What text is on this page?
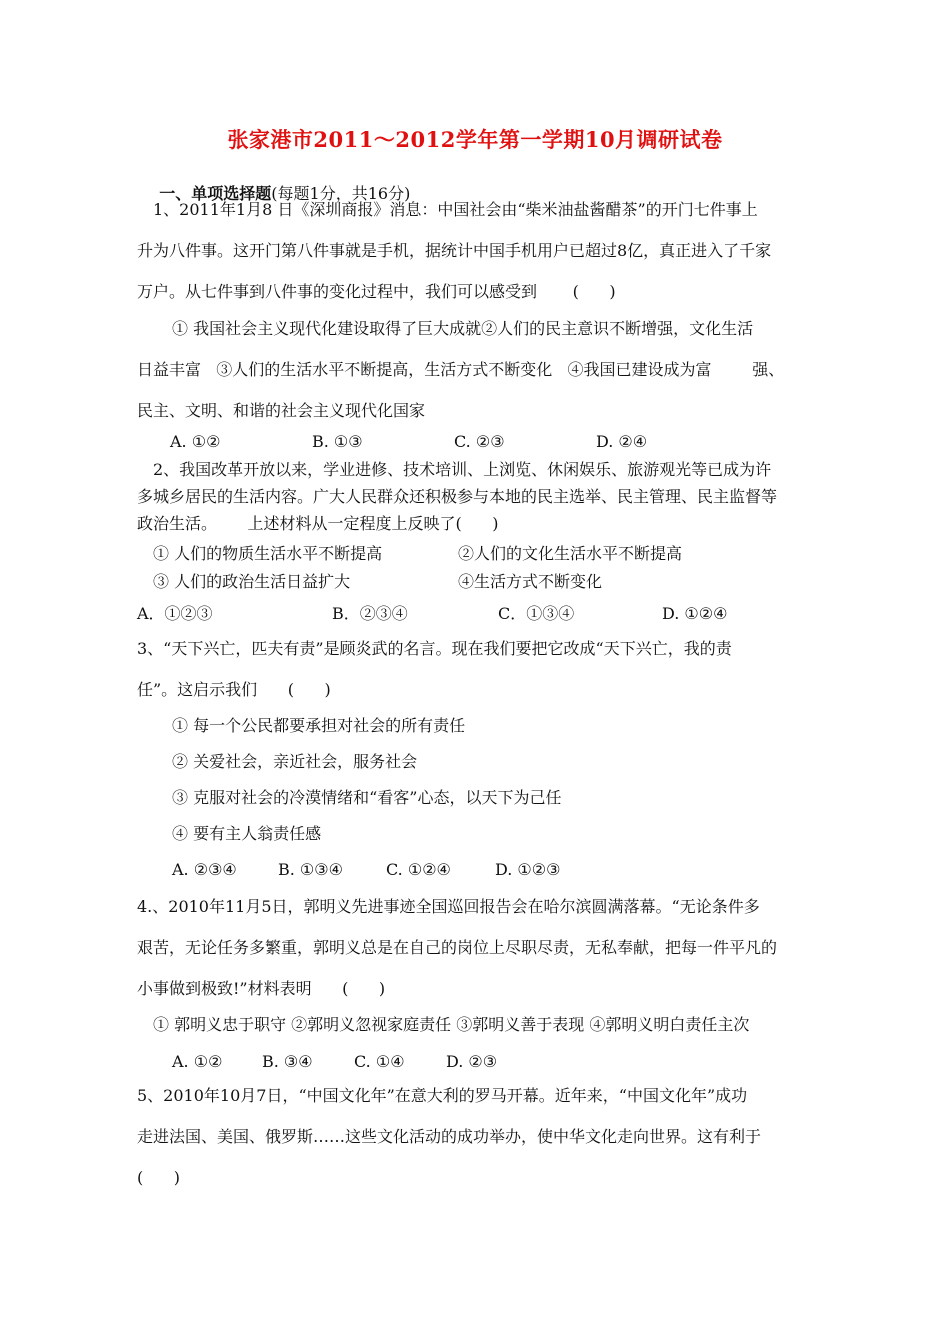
张家港市2011～2012学年第一学期10月调研试卷

一、单项选择题(每题1分，共16分)

1、2011年1月8 日《深圳商报》消息：中国社会由“柴米油盐酱醋茶”的开门七件事上
升为八件事。这开门第八件事就是手机，据统计中国手机用户已超过8亿，真正进入了千家
万户。从七件事到八件事的变化过程中，我们可以感受到       (      )
① 我国社会主义现代化建设取得了巨大成就②人们的民主意识不断增强，文化生活
日益丰富   ③人们的生活水平不断提高，生活方式不断变化   ④我国已建设成为富        强、
民主、文明、和谐的社会主义现代化国家

A. ①②

	B. ①③

	C. ②③

	D. ②④

2、我国改革开放以来，学业进修、技术培训、上浏览、休闲娱乐、旅游观光等已成为许
多城乡居民的生活内容。广大人民群众还积极参与本地的民主选举、民主管理、民主监督等
政治生活。      上述材料从一定程度上反映了(      )

① 人们的物质生活水平不断提高

	②人们的文化生活水平不断提高

③ 人们的政治生活日益扩大

	④生活方式不断变化

A．①②③

	B．②③④

	C．①③④

	D. ①②④

3、“天下兴亡，匹夫有责”是顾炎武的名言。现在我们要把它改成“天下兴亡，我的责
任”。这启示我们      (      )
① 每一个公民都要承担对社会的所有责任
② 关爱社会，亲近社会，服务社会
③ 克服对社会的冷漠情绪和“看客”心态，以天下为己任
④ 要有主人翁责任感

A. ②③④

	B. ①③④

	C. ①②④

	D. ①②③

4.、2010年11月5日，郭明义先进事迹全国巡回报告会在哈尔滨圆满落幕。“无论条件多
艰苦，无论任务多繁重，郭明义总是在自己的岗位上尽职尽责，无私奉献，把每一件平凡的
小事做到极致!”材料表明      (      )
① 郭明义忠于职守 ②郭明义忽视家庭责任 ③郭明义善于表现 ④郭明义明白责任主次

A. ①②

B. ③④

	C. ①④

	D. ②③

5、2010年10月7日，“中国文化年”在意大利的罗马开幕。近年来，“中国文化年”成功
走进法国、美国、俄罗斯……这些文化活动的成功举办，使中华文化走向世界。这有利于
(      )
